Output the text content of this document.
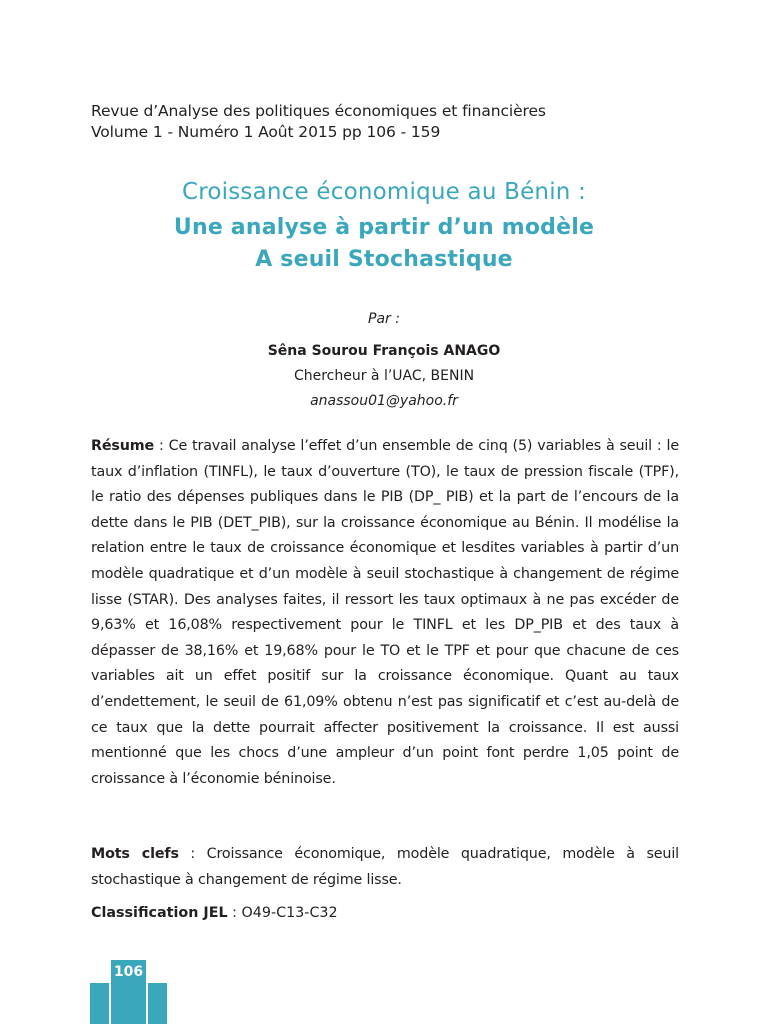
Revue d’Analyse des politiques économiques et financières
Volume 1 - Numéro 1 Août 2015 pp 106 - 159
Croissance économique au Bénin :
Une analyse à partir d’un modèle
A seuil Stochastique
Par :
Sêna Sourou François ANAGO
Chercheur à l’UAC, BENIN
anassou01@yahoo.fr
Résume : Ce travail analyse l’effet d’un ensemble de cinq (5) variables à seuil : le taux d’inflation (TINFL), le taux d’ouverture (TO), le taux de pression fiscale (TPF), le ratio des dépenses publiques dans le PIB (DP_ PIB) et la part de l’encours de la dette dans le PIB (DET_PIB), sur la croissance économique au Bénin. Il modélise la relation entre le taux de croissance économique et lesdites variables à partir d’un modèle quadratique et d’un modèle à seuil stochastique à changement de régime lisse (STAR). Des analyses faites, il ressort les taux optimaux à ne pas excéder de 9,63% et 16,08% respectivement pour le TINFL et les DP_PIB et des taux à dépasser de 38,16% et 19,68% pour le TO et le TPF et pour que chacune de ces variables ait un effet positif sur la croissance économique. Quant au taux d’endettement, le seuil de 61,09% obtenu n’est pas significatif et c’est au-delà de ce taux que la dette pourrait affecter positivement la croissance. Il est aussi mentionné que les chocs d’une ampleur d’un point font perdre 1,05 point de croissance à l’économie béninoise.
Mots clefs : Croissance économique, modèle quadratique, modèle à seuil stochastique à changement de régime lisse.
Classification JEL : O49-C13-C32
106
